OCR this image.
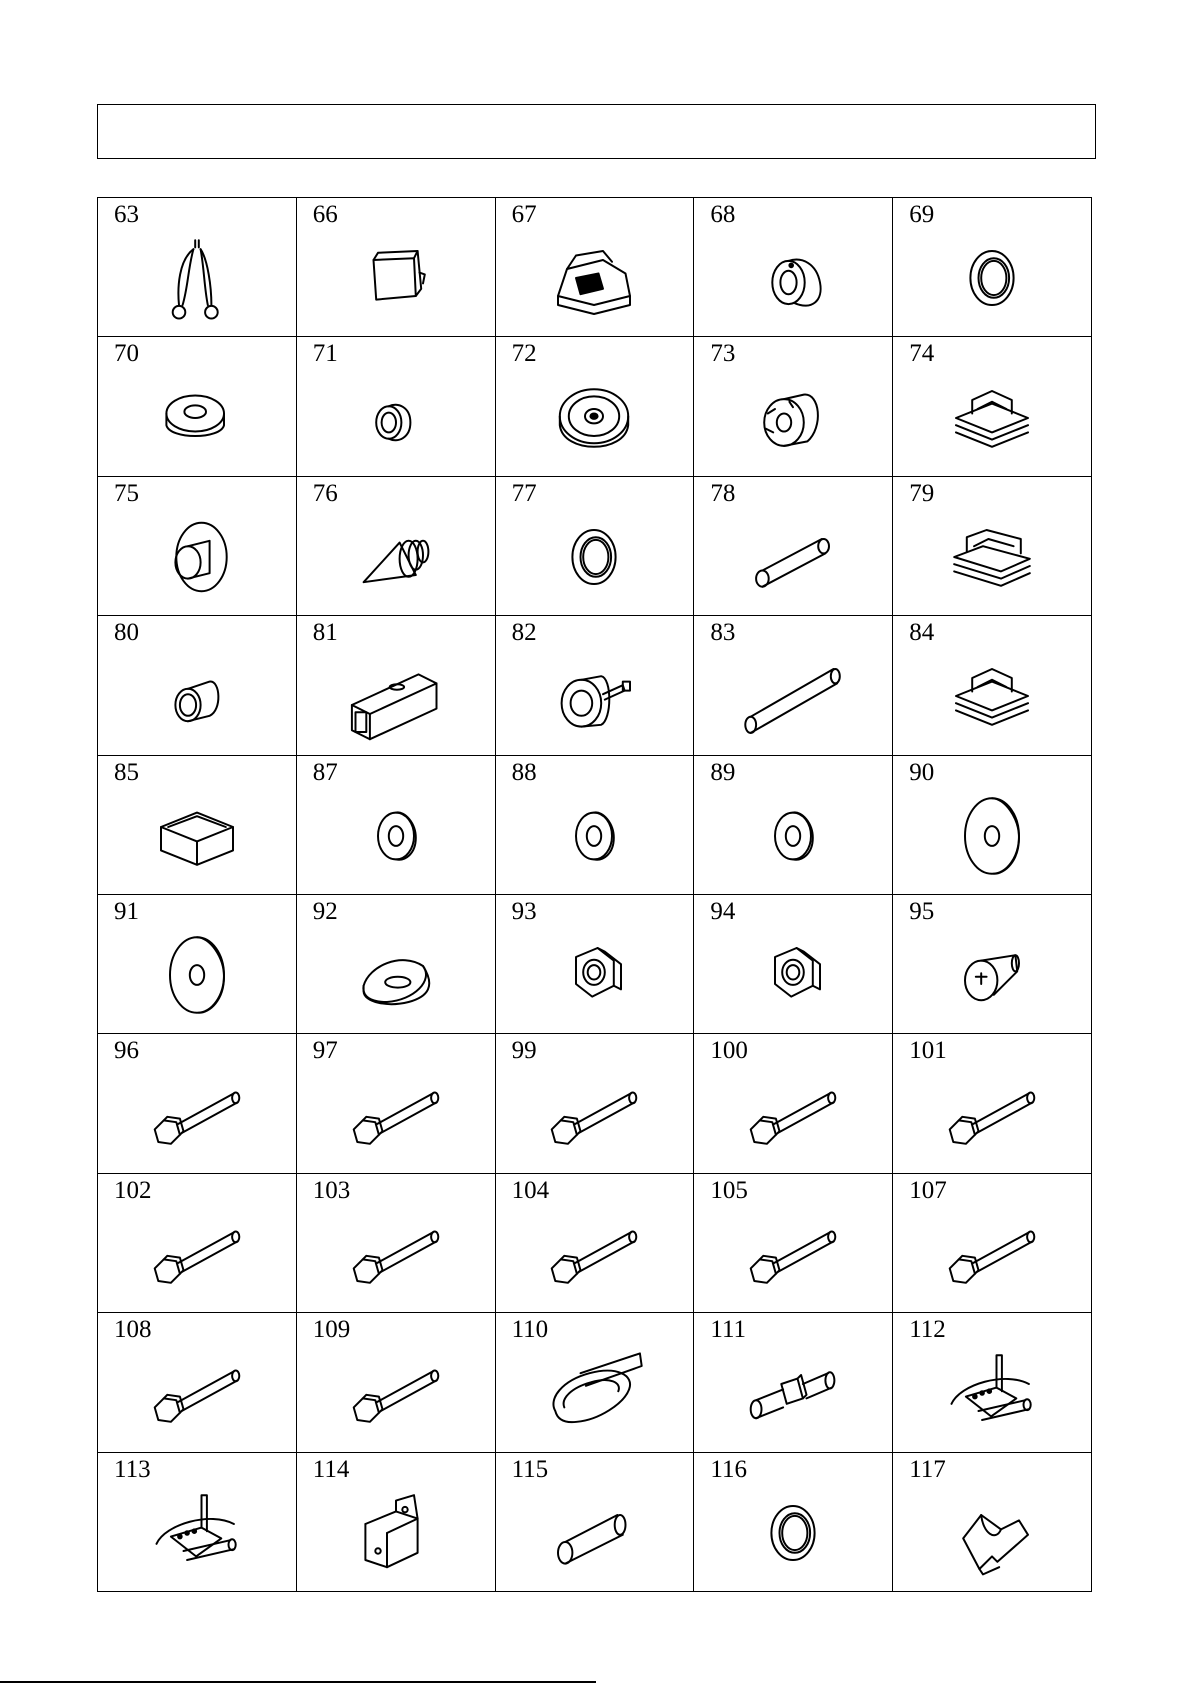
63	66	67	68	69
70	71	72	73	74
75	76	77	78	79
80	81	82	83	84
85	87	88	89	90
91	92	93	94	95
96	97	99	100	101
102	103	104	105	107
108	109	110	111	112
113	114	115	116	117
